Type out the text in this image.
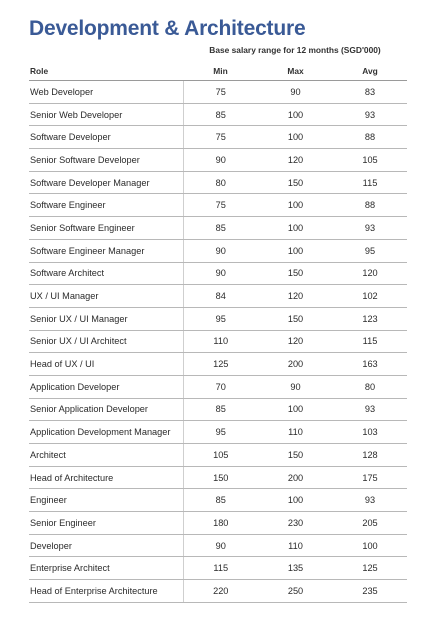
Development & Architecture
Base salary range for 12 months (SGD'000)
Role	Min	Max	Avg
Web Developer	75	90	83
Senior Web Developer	85	100	93
Software Developer	75	100	88
Senior Software Developer	90	120	105
Software Developer Manager	80	150	115
Software Engineer	75	100	88
Senior Software Engineer	85	100	93
Software Engineer Manager	90	100	95
Software Architect	90	150	120
UX / UI Manager	84	120	102
Senior UX / UI Manager	95	150	123
Senior UX / UI Architect	110	120	115
Head of UX / UI	125	200	163
Application Developer	70	90	80
Senior Application Developer	85	100	93
Application Development Manager	95	110	103
Architect	105	150	128
Head of Architecture	150	200	175
Engineer	85	100	93
Senior Engineer	180	230	205
Developer	90	110	100
Enterprise Architect	115	135	125
Head of Enterprise Architecture	220	250	235
